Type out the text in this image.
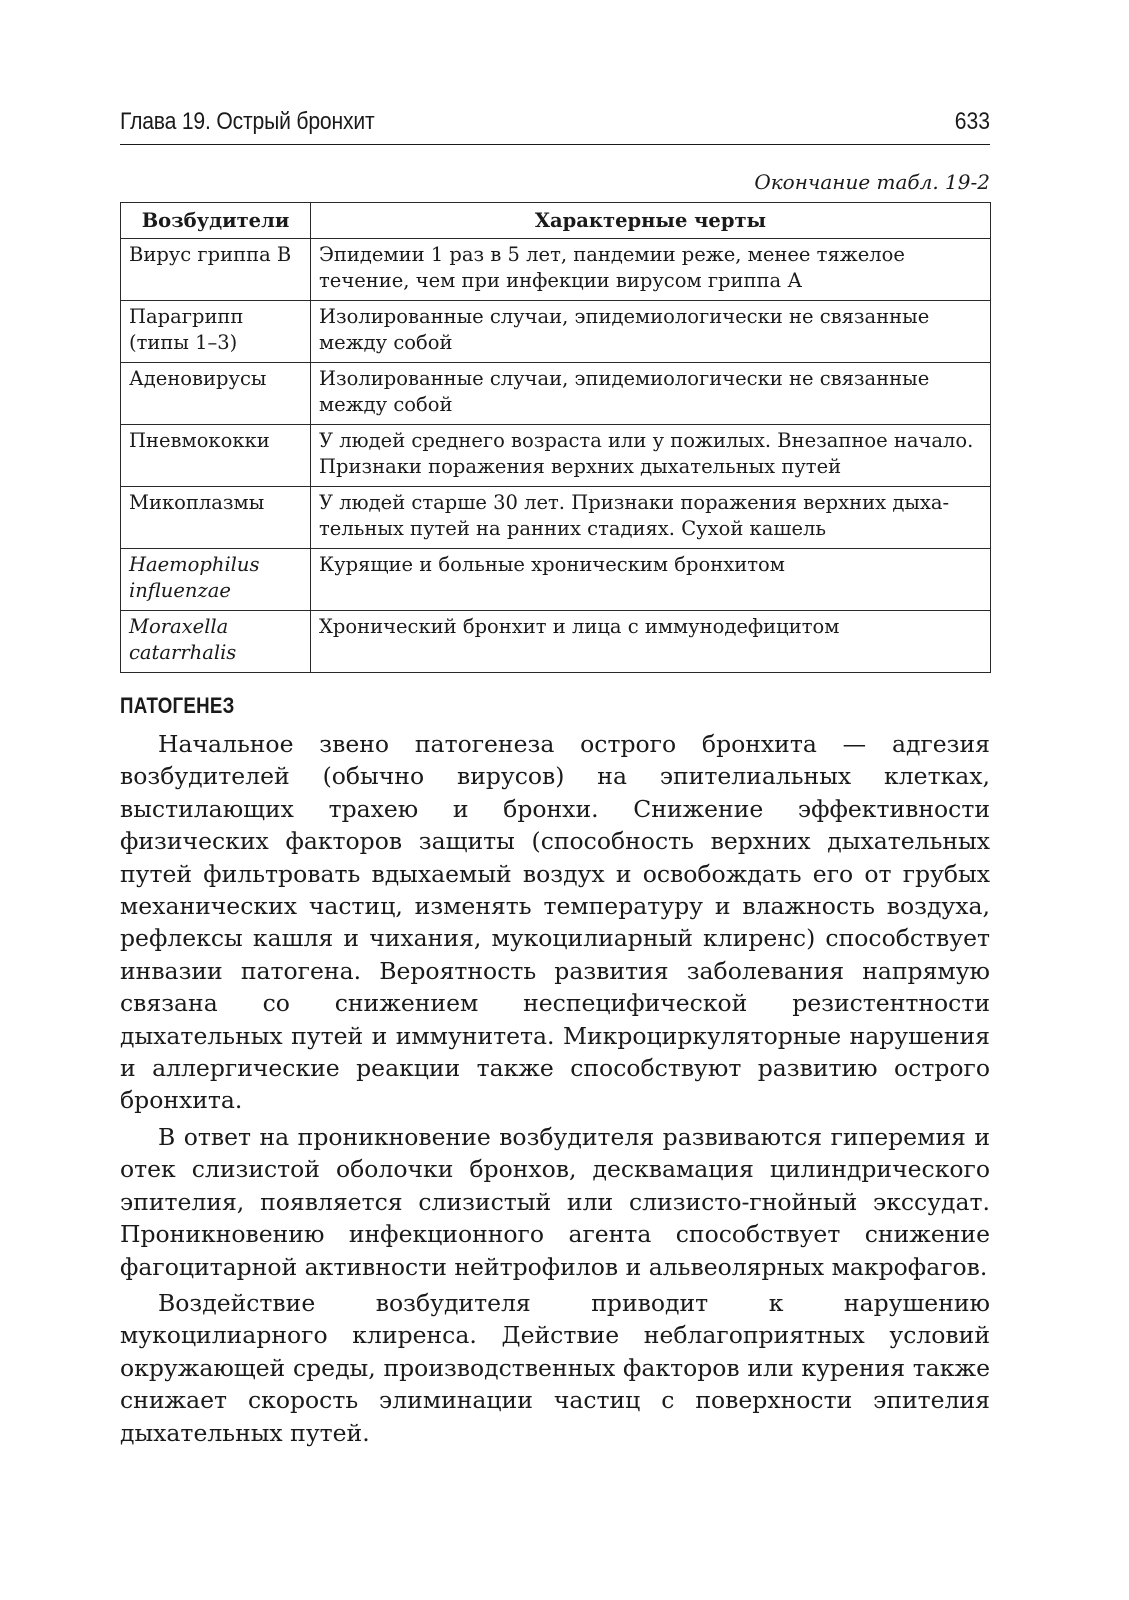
Глава 19. Острый бронхит	633
Окончание табл. 19-2
Возбудители	Характерные черты
Вирус гриппа В	Эпидемии 1 раз в 5 лет, пандемии реже, менее тяжелое течение, чем при инфекции вирусом гриппа А
Парагрипп (типы 1–3)	Изолированные случаи, эпидемиологически не связанные между собой
Аденовирусы	Изолированные случаи, эпидемиологически не связанные между собой
Пневмококки	У людей среднего возраста или у пожилых. Внезапное начало. Признаки поражения верхних дыхательных путей
Микоплазмы	У людей старше 30 лет. Признаки поражения верхних дыхательных путей на ранних стадиях. Сухой кашель
Haemophilus influenzae	Курящие и больные хроническим бронхитом
Moraxella catarrhalis	Хронический бронхит и лица с иммунодефицитом
ПАТОГЕНЕЗ

Начальное звено патогенеза острого бронхита — адгезия возбудителей (обычно вирусов) на эпителиальных клетках, выстилающих трахею и бронхи. Снижение эффективности физических факторов защиты (способность верхних дыхательных путей фильтровать вдыхаемый воздух и освобождать его от грубых механических частиц, изменять температуру и влажность воздуха, рефлексы кашля и чихания, мукоцилиарный клиренс) способствует инвазии патогена. Вероятность развития заболевания напрямую связана со снижением неспецифической резистентности дыхательных путей и иммунитета. Микроциркуляторные нарушения и аллергические реакции также способствуют развитию острого бронхита.

В ответ на проникновение возбудителя развиваются гиперемия и отек слизистой оболочки бронхов, десквамация цилиндрического эпителия, появляется слизистый или слизисто-гнойный экссудат. Проникновению инфекционного агента способствует снижение фагоцитарной активности нейтрофилов и альвеолярных макрофагов.

Воздействие возбудителя приводит к нарушению мукоцилиарного клиренса. Действие неблагоприятных условий окружающей среды, производственных факторов или курения также снижает скорость элиминации частиц с поверхности эпителия дыхательных путей.
